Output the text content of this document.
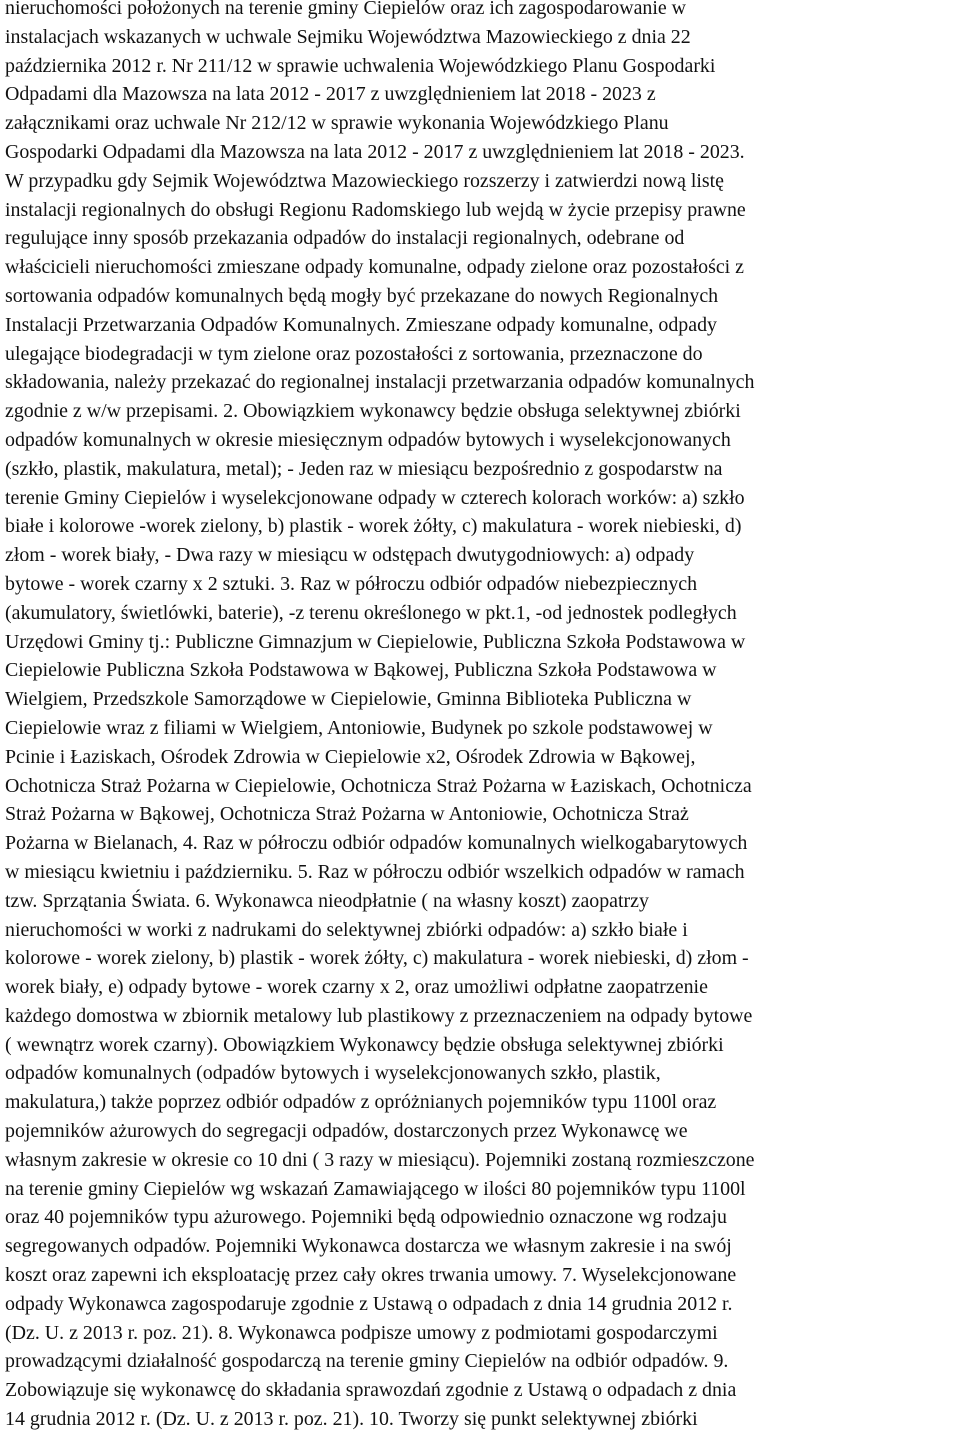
nieruchomości położonych na terenie gminy Ciepielów oraz ich zagospodarowanie w

instalacjach wskazanych w uchwale Sejmiku Województwa Mazowieckiego z dnia 22

października 2012 r. Nr 211/12 w sprawie uchwalenia Wojewódzkiego Planu Gospodarki

Odpadami dla Mazowsza na lata 2012 - 2017 z uwzględnieniem lat 2018 - 2023 z

załącznikami oraz uchwale Nr 212/12 w sprawie wykonania Wojewódzkiego Planu

Gospodarki Odpadami dla Mazowsza na lata 2012 - 2017 z uwzględnieniem lat 2018 - 2023.

W przypadku gdy Sejmik Województwa Mazowieckiego rozszerzy i zatwierdzi nową listę

instalacji regionalnych do obsługi Regionu Radomskiego lub wejdą w życie przepisy prawne

regulujące inny sposób przekazania odpadów do instalacji regionalnych, odebrane od

właścicieli nieruchomości zmieszane odpady komunalne, odpady zielone oraz pozostałości z

sortowania odpadów komunalnych będą mogły być przekazane do nowych Regionalnych

Instalacji Przetwarzania Odpadów Komunalnych. Zmieszane odpady komunalne, odpady

ulegające biodegradacji w tym zielone oraz pozostałości z sortowania, przeznaczone do

składowania, należy przekazać do regionalnej instalacji przetwarzania odpadów komunalnych

zgodnie z w/w przepisami. 2. Obowiązkiem wykonawcy będzie obsługa selektywnej zbiórki

odpadów komunalnych w okresie miesięcznym odpadów bytowych i wyselekcjonowanych

(szkło, plastik, makulatura, metal); - Jeden raz w miesiącu bezpośrednio z gospodarstw na

terenie Gminy Ciepielów i wyselekcjonowane odpady w czterech kolorach worków: a) szkło

białe i kolorowe -worek zielony, b) plastik - worek żółty, c) makulatura - worek niebieski, d)

złom - worek biały, - Dwa razy w miesiącu w odstępach dwutygodniowych: a) odpady

bytowe - worek czarny x 2 sztuki. 3. Raz w półroczu odbiór odpadów niebezpiecznych

(akumulatory, świetlówki, baterie), -z terenu określonego w pkt.1, -od jednostek podległych

Urzędowi Gminy tj.: Publiczne Gimnazjum w Ciepielowie, Publiczna Szkoła Podstawowa w

Ciepielowie Publiczna Szkoła Podstawowa w Bąkowej, Publiczna Szkoła Podstawowa w

Wielgiem, Przedszkole Samorządowe w Ciepielowie, Gminna Biblioteka Publiczna w

Ciepielowie wraz z filiami w Wielgiem, Antoniowie, Budynek po szkole podstawowej w

Pcinie i Łaziskach, Ośrodek Zdrowia w Ciepielowie x2, Ośrodek Zdrowia w Bąkowej,

Ochotnicza Straż Pożarna w Ciepielowie, Ochotnicza Straż Pożarna w Łaziskach, Ochotnicza

Straż Pożarna w Bąkowej, Ochotnicza Straż Pożarna w Antoniowie, Ochotnicza Straż

Pożarna w Bielanach, 4. Raz w półroczu odbiór odpadów komunalnych wielkogabarytowych

w miesiącu kwietniu i październiku. 5. Raz w półroczu odbiór wszelkich odpadów w ramach

tzw. Sprzątania Świata. 6. Wykonawca nieodpłatnie ( na własny koszt) zaopatrzy

nieruchomości w worki z nadrukami do selektywnej zbiórki odpadów: a) szkło białe i

kolorowe - worek zielony, b) plastik - worek żółty, c) makulatura - worek niebieski, d) złom -

worek biały, e) odpady bytowe - worek czarny x 2, oraz umożliwi odpłatne zaopatrzenie

każdego domostwa w zbiornik metalowy lub plastikowy z przeznaczeniem na odpady bytowe

( wewnątrz worek czarny). Obowiązkiem Wykonawcy będzie obsługa selektywnej zbiórki

odpadów komunalnych (odpadów bytowych i wyselekcjonowanych szkło, plastik,

makulatura,) także poprzez odbiór odpadów z opróżnianych pojemników typu 1100l oraz

pojemników ażurowych do segregacji odpadów, dostarczonych przez Wykonawcę we

własnym zakresie w okresie co 10 dni ( 3 razy w miesiącu). Pojemniki zostaną rozmieszczone

na terenie gminy Ciepielów wg wskazań Zamawiającego w ilości 80 pojemników typu 1100l

oraz 40 pojemników typu ażurowego. Pojemniki będą odpowiednio oznaczone wg rodzaju

segregowanych odpadów. Pojemniki Wykonawca dostarcza we własnym zakresie i na swój

koszt oraz zapewni ich eksploatację przez cały okres trwania umowy. 7. Wyselekcjonowane

odpady Wykonawca zagospodaruje zgodnie z Ustawą o odpadach z dnia 14 grudnia 2012 r.

(Dz. U. z 2013 r. poz. 21). 8. Wykonawca podpisze umowy z podmiotami gospodarczymi

prowadzącymi działalność gospodarczą na terenie gminy Ciepielów na odbiór odpadów. 9.

Zobowiązuje się wykonawcę do składania sprawozdań zgodnie z Ustawą o odpadach z dnia

14 grudnia 2012 r. (Dz. U. z 2013 r. poz. 21). 10. Tworzy się punkt selektywnej zbiórki
